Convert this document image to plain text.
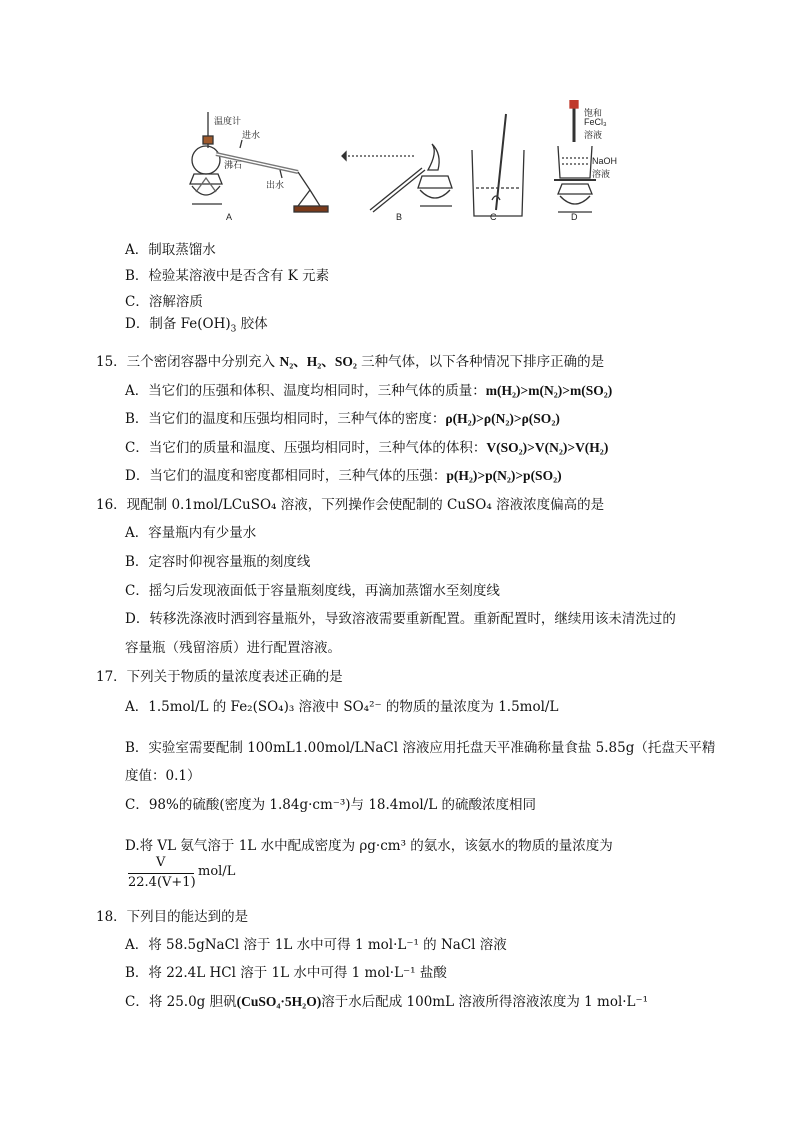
温度计
进水
沸石
出水
饱和
FeCl₃
溶液
NaOH
溶液
A	B	C	D
A．制取蒸馏水
B．检验某溶液中是否含有 K 元素
C．溶解溶质
D．制备 $Fe(OH)_3$ 胶体
15．三个密闭容器中分别充入 N₂、H₂、SO₂ 三种气体，以下各种情况下排序正确的是
A．当它们的压强和体积、温度均相同时，三种气体的质量：m(H₂)>m(N₂)>m(SO₂)
B．当它们的温度和压强均相同时，三种气体的密度：ρ(H₂)>ρ(N₂)>ρ(SO₂)
C．当它们的质量和温度、压强均相同时，三种气体的体积：V(SO₂)>V(N₂)>V(H₂)
D．当它们的温度和密度都相同时，三种气体的压强：p(H₂)>p(N₂)>p(SO₂)
16．现配制 0.1mol/LCuSO₄ 溶液，下列操作会使配制的 CuSO₄ 溶液浓度偏高的是
A．容量瓶内有少量水
B．定容时仰视容量瓶的刻度线
C．摇匀后发现液面低于容量瓶刻度线，再滴加蒸馏水至刻度线
D．转移洗涤液时洒到容量瓶外，导致溶液需要重新配置。重新配置时，继续用该未清洗过的
容量瓶（残留溶质）进行配置溶液。
17．下列关于物质的量浓度表述正确的是
A．1.5mol/L 的 Fe₂(SO₄)₃ 溶液中 SO₄²⁻ 的物质的量浓度为 1.5mol/L
B．实验室需要配制 100mL1.00mol/LNaCl 溶液应用托盘天平准确称量食盐 5.85g（托盘天平精
度值：0.1）
C．98%的硫酸(密度为 1.84g·cm⁻³)与 18.4mol/L 的硫酸浓度相同
D.将 VL 氨气溶于 1L 水中配成密度为 ρg·cm³ 的氨水，该氨水的物质的量浓度为
V
22.4(V+1)
mol/L
18．下列目的能达到的是
A．将 58.5gNaCl 溶于 1L 水中可得 1 mol·L⁻¹ 的 NaCl 溶液
B．将 22.4L HCl 溶于 1L 水中可得 1 mol·L⁻¹ 盐酸
C．将 25.0g 胆矾(CuSO₄·5H₂O)溶于水后配成 100mL 溶液所得溶液浓度为 1 mol·L⁻¹
